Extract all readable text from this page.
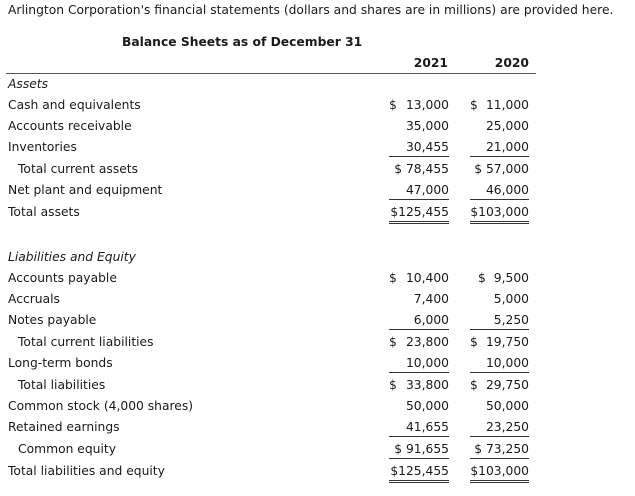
Arlington Corporation's financial statements (dollars and shares are in millions) are provided here.
Balance Sheets as of December 31
2021	2020
Assets
Cash and equivalents	$ 13,000 $ 11,000
Accounts receivable	35,000	25,000
Inventories	30,455	21,000
Total current assets	$ 78,455 $ 57,000
Net plant and equipment	47,000	46,000
Total assets	$125,455 $103,000
Liabilities and Equity
Accounts payable	$ 10,400 $ 9,500
Accruals	7,400	5,000
Notes payable	6,000	5,250
Total current liabilities	$ 23,800 $ 19,750
Long-term bonds	10,000	10,000
Total liabilities	$ 33,800 $ 29,750
Common stock (4,000 shares)	50,000	50,000
Retained earnings	41,655	23,250
Common equity	$ 91,655 $ 73,250
Total liabilities and equity	$125,455 $103,000
